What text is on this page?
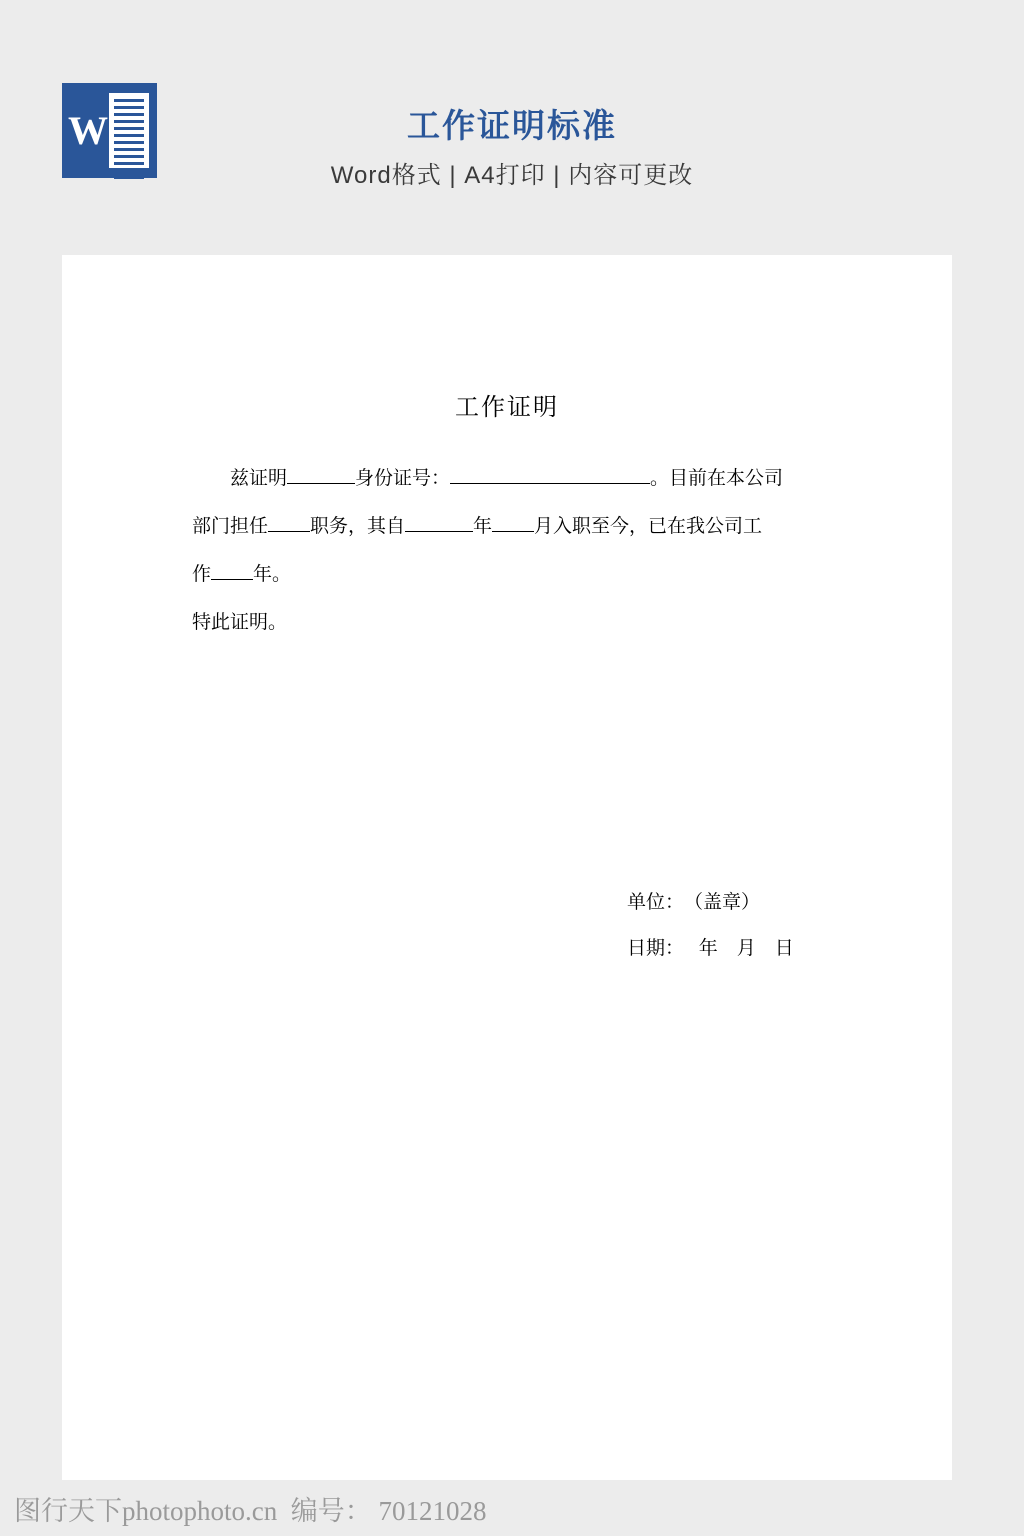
W	工作证明标准
Word格式 | A4打印 | 内容可更改
工作证明

兹证明	身份证号：	。目前在本公司

部门担任 职务，其自	年 月入职至今，已在我公司工

作 年。

特此证明。

单位：　（盖章）
日期：　 年　月　日
图行天下photophoto.cn  编号： 70121028
